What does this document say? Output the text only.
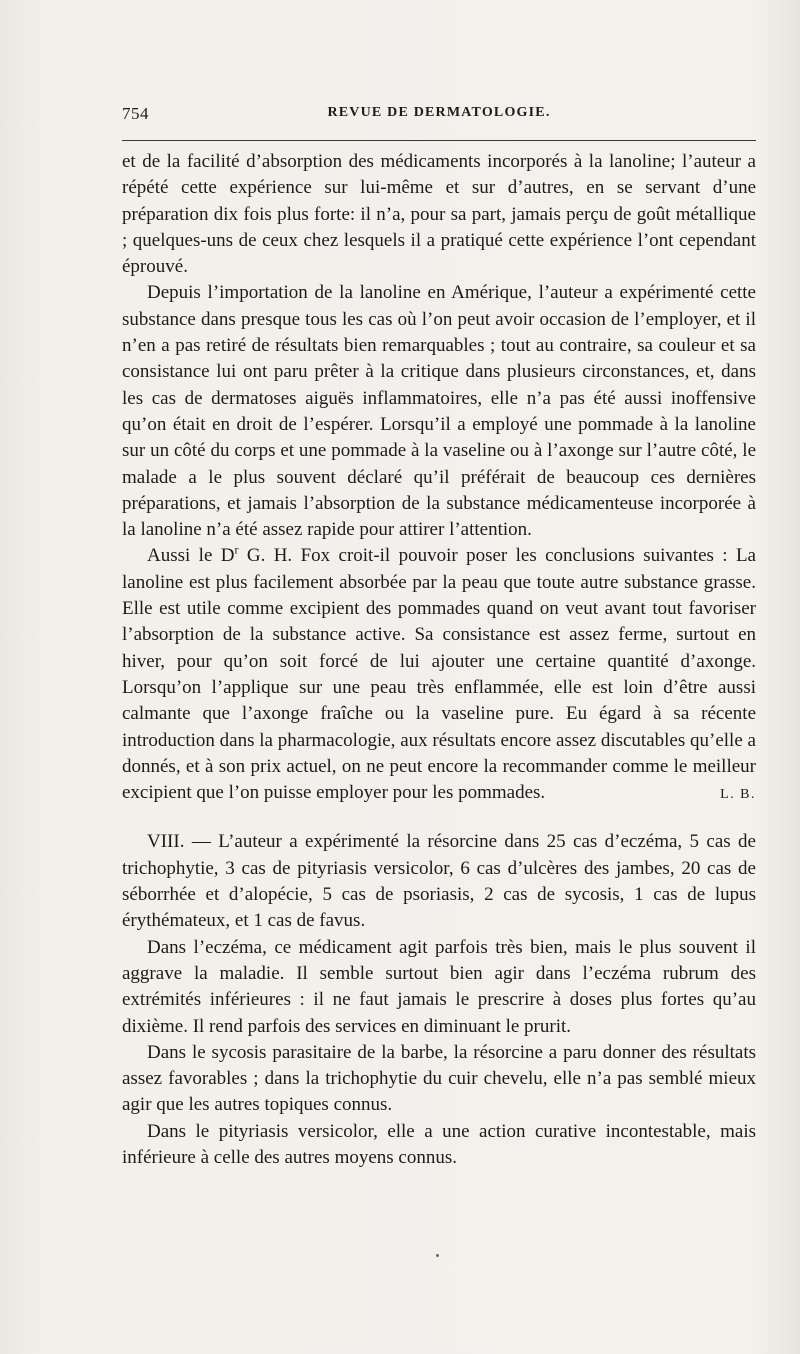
754	REVUE DE DERMATOLOGIE.

et de la facilité d’absorption des médicaments incorporés à la lanoline; l’auteur a répété cette expérience sur lui-même et sur d’autres, en se servant d’une préparation dix fois plus forte: il n’a, pour sa part, jamais perçu de goût métallique ; quelques-uns de ceux chez lesquels il a pratiqué cette expérience l’ont cependant éprouvé.

Depuis l’importation de la lanoline en Amérique, l’auteur a expérimenté cette substance dans presque tous les cas où l’on peut avoir occasion de l’employer, et il n’en a pas retiré de résultats bien remarquables ; tout au contraire, sa couleur et sa consistance lui ont paru prêter à la critique dans plusieurs circonstances, et, dans les cas de dermatoses aiguës inflammatoires, elle n’a pas été aussi inoffensive qu’on était en droit de l’espérer. Lorsqu’il a employé une pommade à la lanoline sur un côté du corps et une pommade à la vaseline ou à l’axonge sur l’autre côté, le malade a le plus souvent déclaré qu’il préférait de beaucoup ces dernières préparations, et jamais l’absorption de la substance médicamenteuse incorporée à la lanoline n’a été assez rapide pour attirer l’attention.

Aussi le D$^r$ G. H. Fox croit-il pouvoir poser les conclusions suivantes : La lanoline est plus facilement absorbée par la peau que toute autre substance grasse. Elle est utile comme excipient des pommades quand on veut avant tout favoriser l’absorption de la substance active. Sa consistance est assez ferme, surtout en hiver, pour qu’on soit forcé de lui ajouter une certaine quantité d’axonge. Lorsqu’on l’applique sur une peau très enflammée, elle est loin d’être aussi calmante que l’axonge fraîche ou la vaseline pure. Eu égard à sa récente introduction dans la pharmacologie, aux résultats encore assez discutables qu’elle a donnés, et à son prix actuel, on ne peut encore la recommander comme le meilleur excipient que l’on puisse employer pour les pommades.	L. B.

VIII. — L’auteur a expérimenté la résorcine dans 25 cas d’eczéma, 5 cas de trichophytie, 3 cas de pityriasis versicolor, 6 cas d’ulcères des jambes, 20 cas de séborrhée et d’alopécie, 5 cas de psoriasis, 2 cas de sycosis, 1 cas de lupus érythémateux, et 1 cas de favus.

Dans l’eczéma, ce médicament agit parfois très bien, mais le plus souvent il aggrave la maladie. Il semble surtout bien agir dans l’eczéma rubrum des extrémités inférieures : il ne faut jamais le prescrire à doses plus fortes qu’au dixième. Il rend parfois des services en diminuant le prurit.

Dans le sycosis parasitaire de la barbe, la résorcine a paru donner des résultats assez favorables ; dans la trichophytie du cuir chevelu, elle n’a pas semblé mieux agir que les autres topiques connus.

Dans le pityriasis versicolor, elle a une action curative incontestable, mais inférieure à celle des autres moyens connus.
